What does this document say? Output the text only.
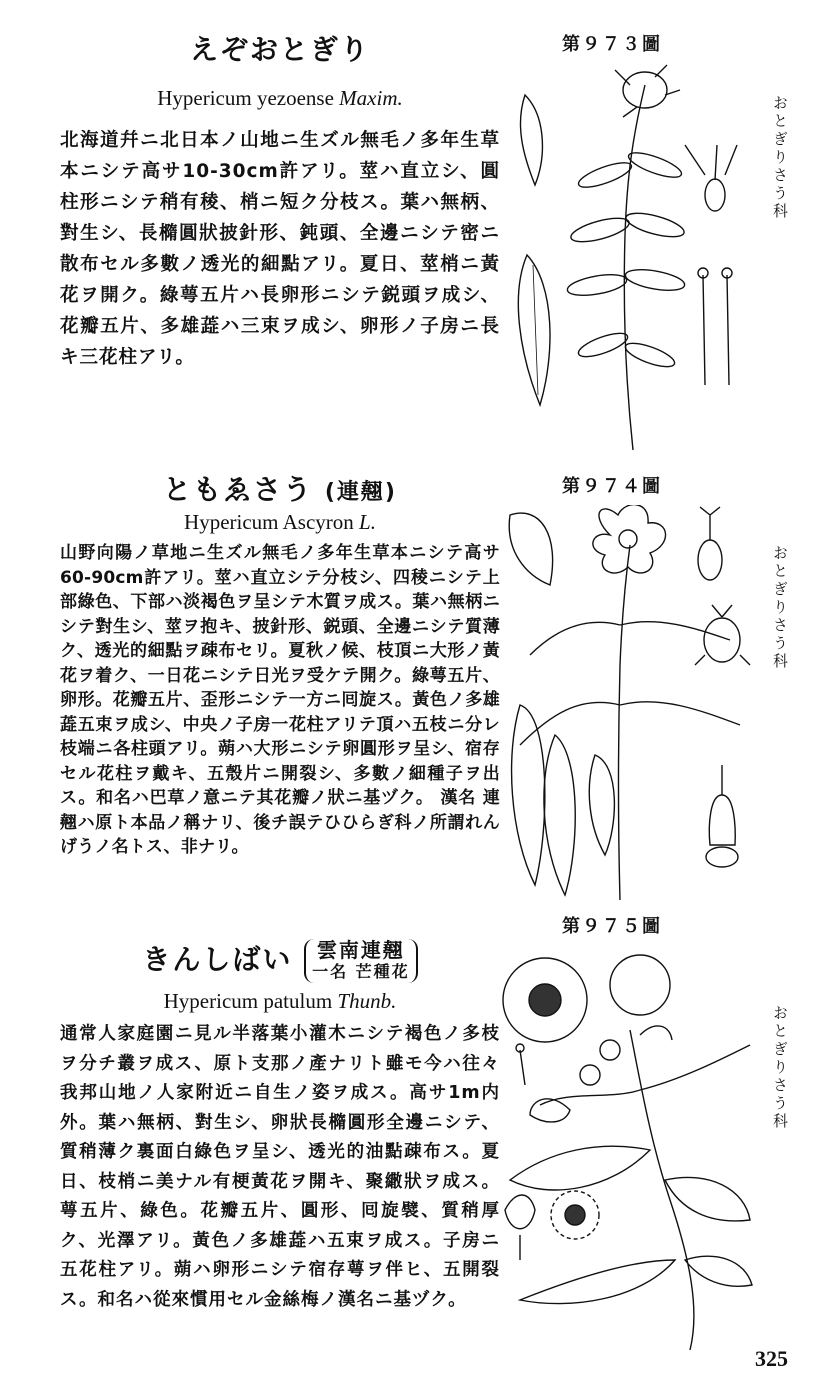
えぞおとぎり
Hypericum yezoense Maxim.
北海道幷ニ北日本ノ山地ニ生ズル無毛ノ多年生草本ニシテ高サ10-30cm許アリ。莖ハ直立シ、圓柱形ニシテ稍有稜、梢ニ短ク分枝ス。葉ハ無柄、對生シ、長橢圓狀披針形、鈍頭、全邊ニシテ密ニ散布セル多數ノ透光的細點アリ。夏日、莖梢ニ黃花ヲ開ク。綠萼五片ハ長卵形ニシテ鋭頭ヲ成シ、花瓣五片、多雄蕋ハ三束ヲ成シ、卵形ノ子房ニ長キ三花柱アリ。
ともゑさう (連翹)
Hypericum Ascyron L.
山野向陽ノ草地ニ生ズル無毛ノ多年生草本ニシテ高サ60-90cm許アリ。莖ハ直立シテ分枝シ、四稜ニシテ上部綠色、下部ハ淡褐色ヲ呈シテ木質ヲ成ス。葉ハ無柄ニシテ對生シ、莖ヲ抱キ、披針形、鋭頭、全邊ニシテ質薄ク、透光的細點ヲ疎布セリ。夏秋ノ候、枝頂ニ大形ノ黃花ヲ着ク、一日花ニシテ日光ヲ受ケテ開ク。綠萼五片、卵形。花瓣五片、歪形ニシテ一方ニ囘旋ス。黃色ノ多雄蕋五束ヲ成シ、中央ノ子房一花柱アリテ頂ハ五枝ニ分レ枝端ニ各柱頭アリ。蒴ハ大形ニシテ卵圓形ヲ呈シ、宿存セル花柱ヲ戴キ、五殼片ニ開裂シ、多數ノ細種子ヲ出ス。和名ハ巴草ノ意ニテ其花瓣ノ狀ニ基ヅク。 漢名 連翹ハ原ト本品ノ稱ナリ、後チ誤テひひらぎ科ノ所謂れんげうノ名トス、非ナリ。
きんしばい 雲南連翹
一名 芒種花
Hypericum patulum Thunb.
通常人家庭園ニ見ル半落葉小灌木ニシテ褐色ノ多枝ヲ分チ叢ヲ成ス、原ト支那ノ產ナリト雖モ今ハ往々我邦山地ノ人家附近ニ自生ノ姿ヲ成ス。高サ1m内外。葉ハ無柄、對生シ、卵狀長橢圓形全邊ニシテ、質稍薄ク裏面白綠色ヲ呈シ、透光的油點疎布ス。夏日、枝梢ニ美ナル有梗黃花ヲ開キ、聚繖狀ヲ成ス。萼五片、綠色。花瓣五片、圓形、囘旋襞、質稍厚ク、光澤アリ。黃色ノ多雄蕋ハ五束ヲ成ス。子房ニ五花柱アリ。蒴ハ卵形ニシテ宿存萼ヲ伴ヒ、五開裂ス。和名ハ從來慣用セル金絲梅ノ漢名ニ基ヅク。
第９７３圖
第９７４圖
第９７５圖
おとぎりさう科
おとぎりさう科
おとぎりさう科
325
